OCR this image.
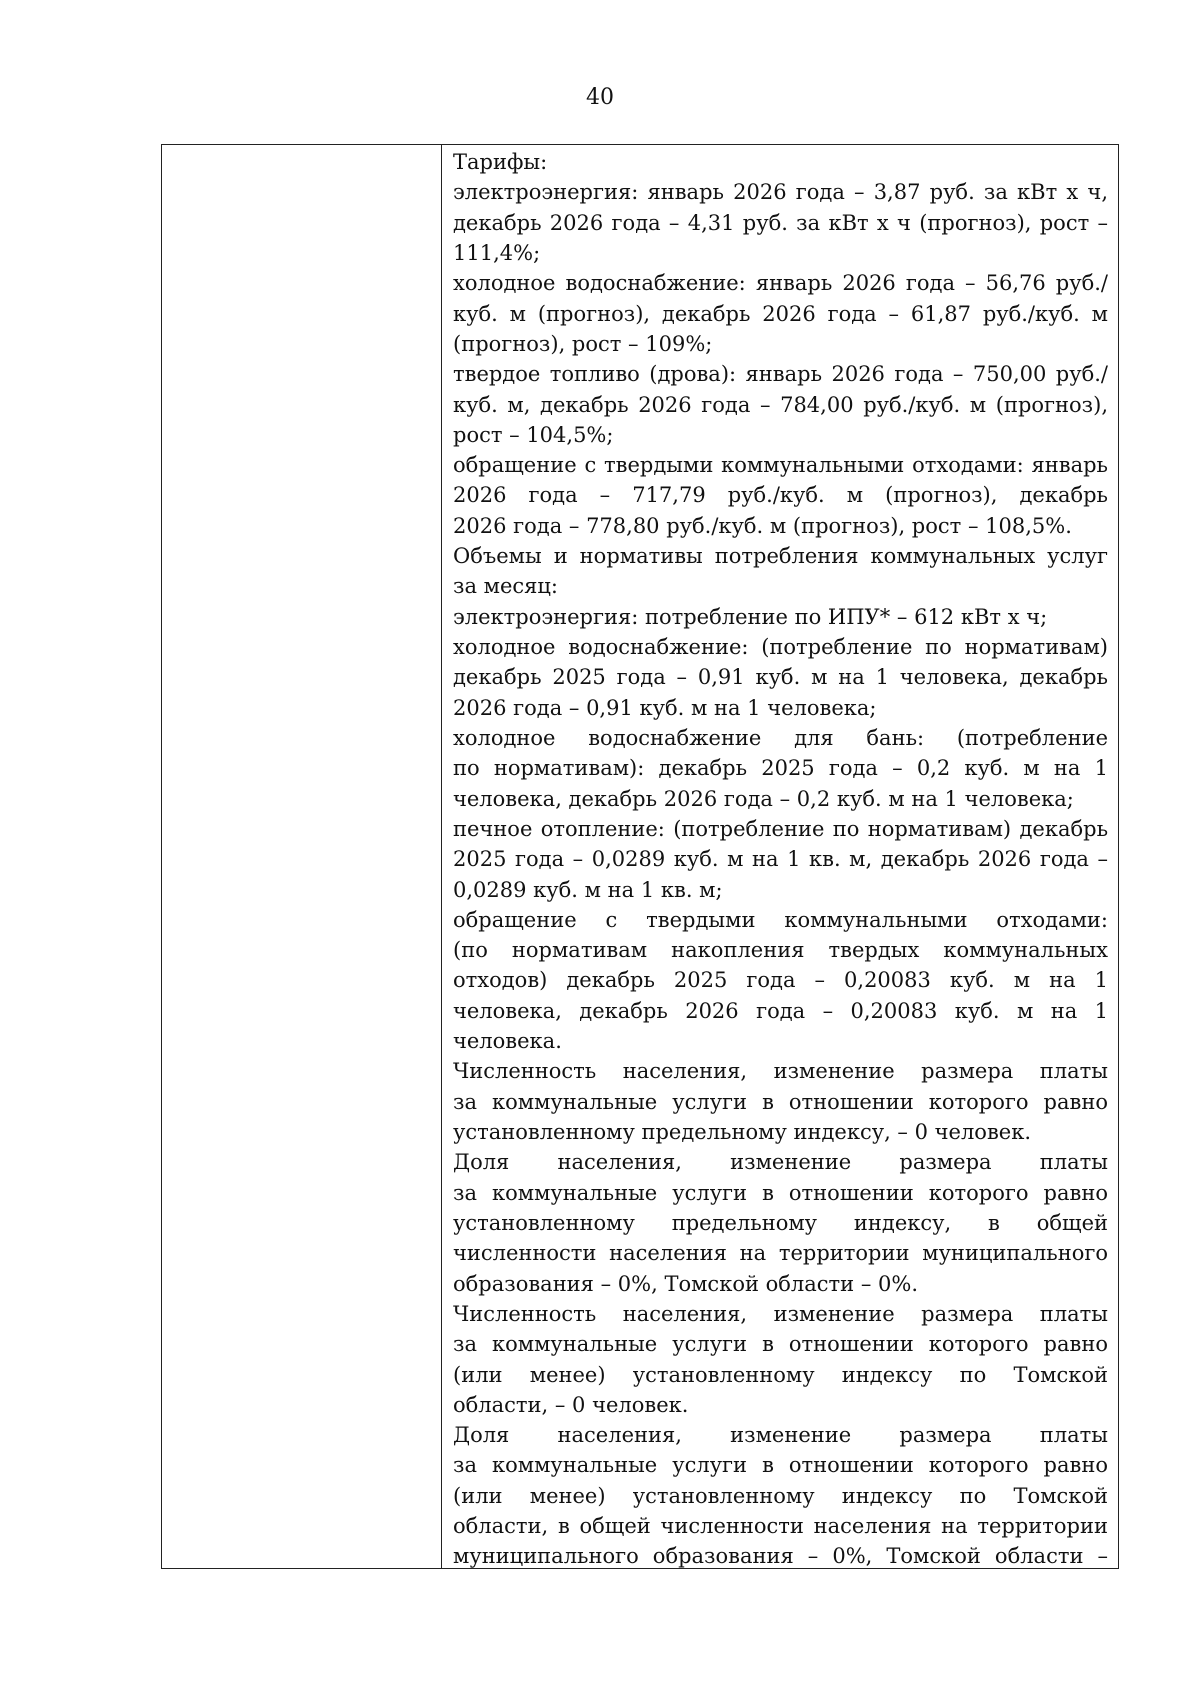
40
Тарифы:
электроэнергия: январь 2026 года – 3,87 руб. за кВт х ч,
декабрь 2026 года – 4,31 руб. за кВт х ч (прогноз), рост –
111,4%;
холодное водоснабжение: январь 2026 года – 56,76 руб./
куб. м (прогноз), декабрь 2026 года – 61,87 руб./куб. м
(прогноз), рост – 109%;
твердое топливо (дрова): январь 2026 года – 750,00 руб./
куб. м, декабрь 2026 года – 784,00 руб./куб. м (прогноз),
рост – 104,5%;
обращение с твердыми коммунальными отходами: январь
2026 года – 717,79 руб./куб. м (прогноз), декабрь
2026 года – 778,80 руб./куб. м (прогноз), рост – 108,5%.
Объемы и нормативы потребления коммунальных услуг
за месяц:
электроэнергия: потребление по ИПУ* – 612 кВт х ч;
холодное водоснабжение: (потребление по нормативам)
декабрь 2025 года – 0,91 куб. м на 1 человека, декабрь
2026 года – 0,91 куб. м на 1 человека;
холодное водоснабжение для бань: (потребление
по нормативам): декабрь 2025 года – 0,2 куб. м на 1
человека, декабрь 2026 года – 0,2 куб. м на 1 человека;
печное отопление: (потребление по нормативам) декабрь
2025 года – 0,0289 куб. м на 1 кв. м, декабрь 2026 года –
0,0289 куб. м на 1 кв. м;
обращение с твердыми коммунальными отходами:
(по нормативам накопления твердых коммунальных
отходов) декабрь 2025 года – 0,20083 куб. м на 1
человека, декабрь 2026 года – 0,20083 куб. м на 1
человека.
Численность населения, изменение размера платы
за коммунальные услуги в отношении которого равно
установленному предельному индексу, – 0 человек.
Доля населения, изменение размера платы
за коммунальные услуги в отношении которого равно
установленному предельному индексу, в общей
численности населения на территории муниципального
образования – 0%, Томской области – 0%.
Численность населения, изменение размера платы
за коммунальные услуги в отношении которого равно
(или менее) установленному индексу по Томской
области, – 0 человек.
Доля населения, изменение размера платы
за коммунальные услуги в отношении которого равно
(или менее) установленному индексу по Томской
области, в общей численности населения на территории
муниципального образования – 0%, Томской области –
